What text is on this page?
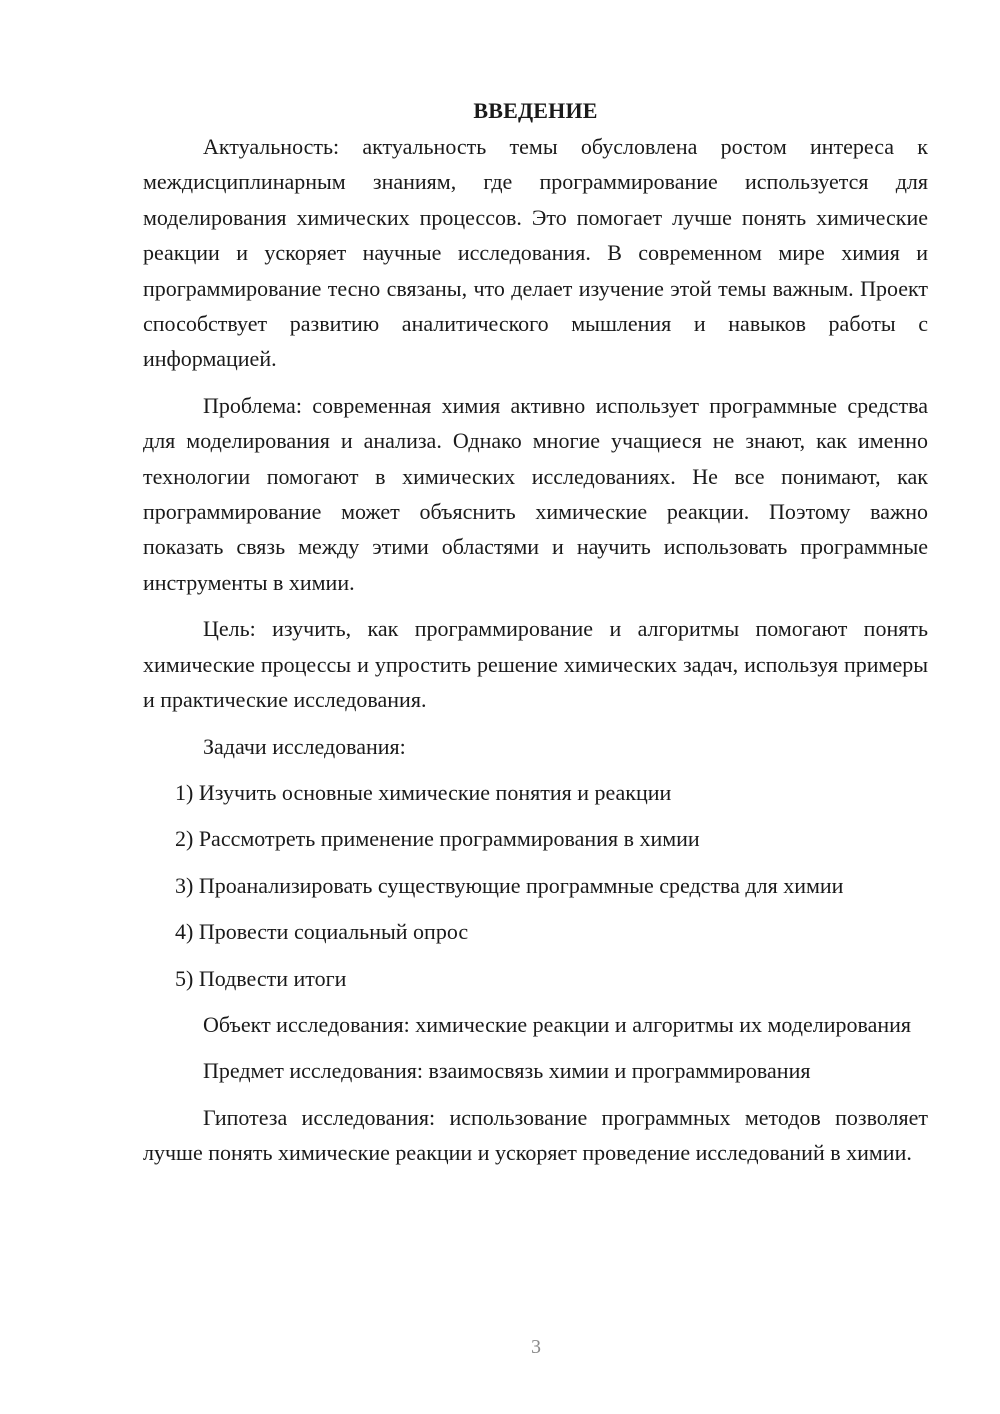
ВВЕДЕНИЕ

Актуальность: актуальность темы обусловлена ростом интереса к междисциплинарным знаниям, где программирование используется для моделирования химических процессов. Это помогает лучше понять химические реакции и ускоряет научные исследования. В современном мире химия и программирование тесно связаны, что делает изучение этой темы важным. Проект способствует развитию аналитического мышления и навыков работы с информацией.

Проблема: современная химия активно использует программные средства для моделирования и анализа. Однако многие учащиеся не знают, как именно технологии помогают в химических исследованиях. Не все понимают, как программирование может объяснить химические реакции. Поэтому важно показать связь между этими областями и научить использовать программные инструменты в химии.

Цель: изучить, как программирование и алгоритмы помогают понять химические процессы и упростить решение химических задач, используя примеры и практические исследования.

Задачи исследования:

1) Изучить основные химические понятия и реакции

2) Рассмотреть применение программирования в химии

3) Проанализировать существующие программные средства для химии

4) Провести социальный опрос

5) Подвести итоги

Объект исследования: химические реакции и алгоритмы их моделирования

Предмет исследования: взаимосвязь химии и программирования

Гипотеза исследования: использование программных методов позволяет лучше понять химические реакции и ускоряет проведение исследований в химии.

3
